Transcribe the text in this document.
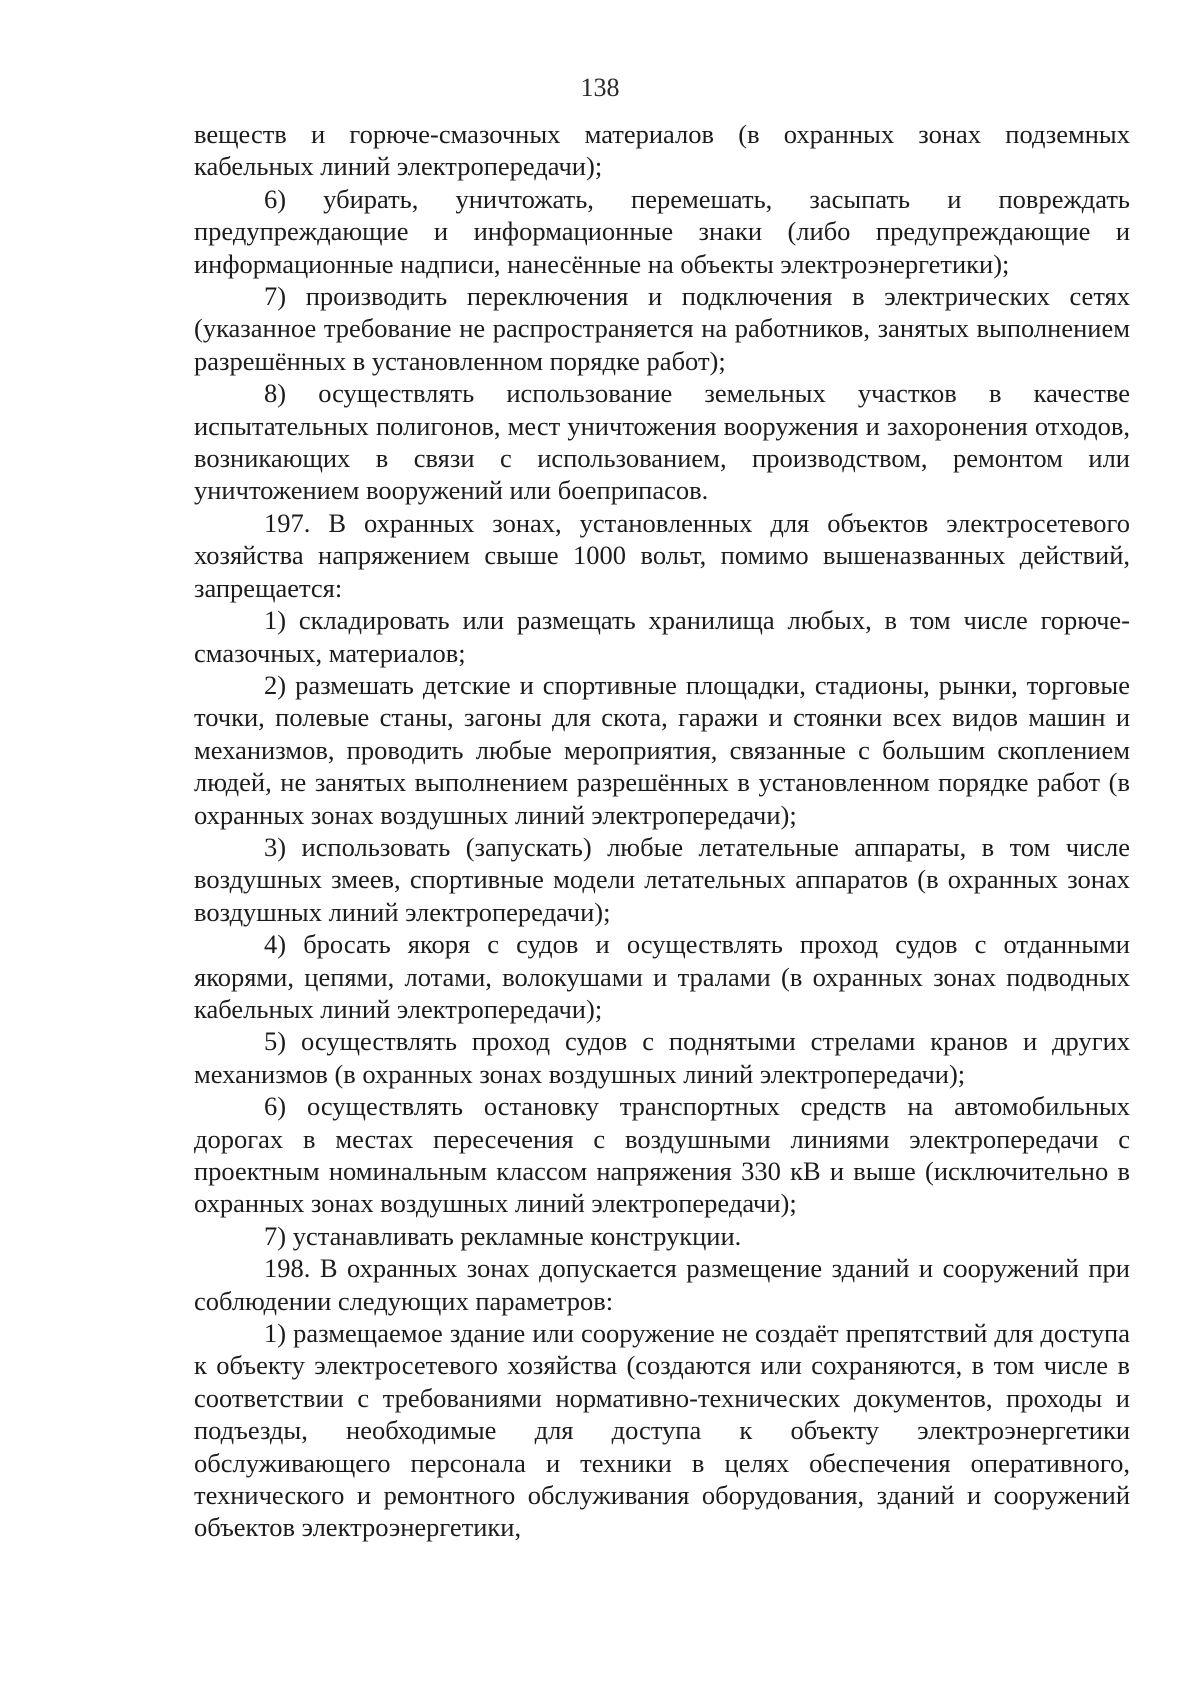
138

веществ и горюче-смазочных материалов (в охранных зонах подземных кабельных линий электропередачи);

6) убирать, уничтожать, перемешать, засыпать и повреждать предупреждающие и информационные знаки (либо предупреждающие и информационные надписи, нанесённые на объекты электроэнергетики);

7) производить переключения и подключения в электрических сетях (указанное требование не распространяется на работников, занятых выполнением разрешённых в установленном порядке работ);

8) осуществлять использование земельных участков в качестве испытательных полигонов, мест уничтожения вооружения и захоронения отходов, возникающих в связи с использованием, производством, ремонтом или уничтожением вооружений или боеприпасов.

197. В охранных зонах, установленных для объектов электросетевого хозяйства напряжением свыше 1000 вольт, помимо вышеназванных действий, запрещается:

1) складировать или размещать хранилища любых, в том числе горюче-смазочных, материалов;

2) размешать детские и спортивные площадки, стадионы, рынки, торговые точки, полевые станы, загоны для скота, гаражи и стоянки всех видов машин и механизмов, проводить любые мероприятия, связанные с большим скоплением людей, не занятых выполнением разрешённых в установленном порядке работ (в охранных зонах воздушных линий электропередачи);

3) использовать (запускать) любые летательные аппараты, в том числе воздушных змеев, спортивные модели летательных аппаратов (в охранных зонах воздушных линий электропередачи);

4) бросать якоря с судов и осуществлять проход судов с отданными якорями, цепями, лотами, волокушами и тралами (в охранных зонах подводных кабельных линий электропередачи);

5) осуществлять проход судов с поднятыми стрелами кранов и других механизмов (в охранных зонах воздушных линий электропередачи);

6) осуществлять остановку транспортных средств на автомобильных дорогах в местах пересечения с воздушными линиями электропередачи с проектным номинальным классом напряжения 330 кВ и выше (исключительно в охранных зонах воздушных линий электропередачи);

7) устанавливать рекламные конструкции.

198. В охранных зонах допускается размещение зданий и сооружений при соблюдении следующих параметров:

1) размещаемое здание или сооружение не создаёт препятствий для доступа к объекту электросетевого хозяйства (создаются или сохраняются, в том числе в соответствии с требованиями нормативно-технических документов, проходы и подъезды, необходимые для доступа к объекту электроэнергетики обслуживающего персонала и техники в целях обеспечения оперативного, технического и ремонтного обслуживания оборудования, зданий и сооружений объектов электроэнергетики,
